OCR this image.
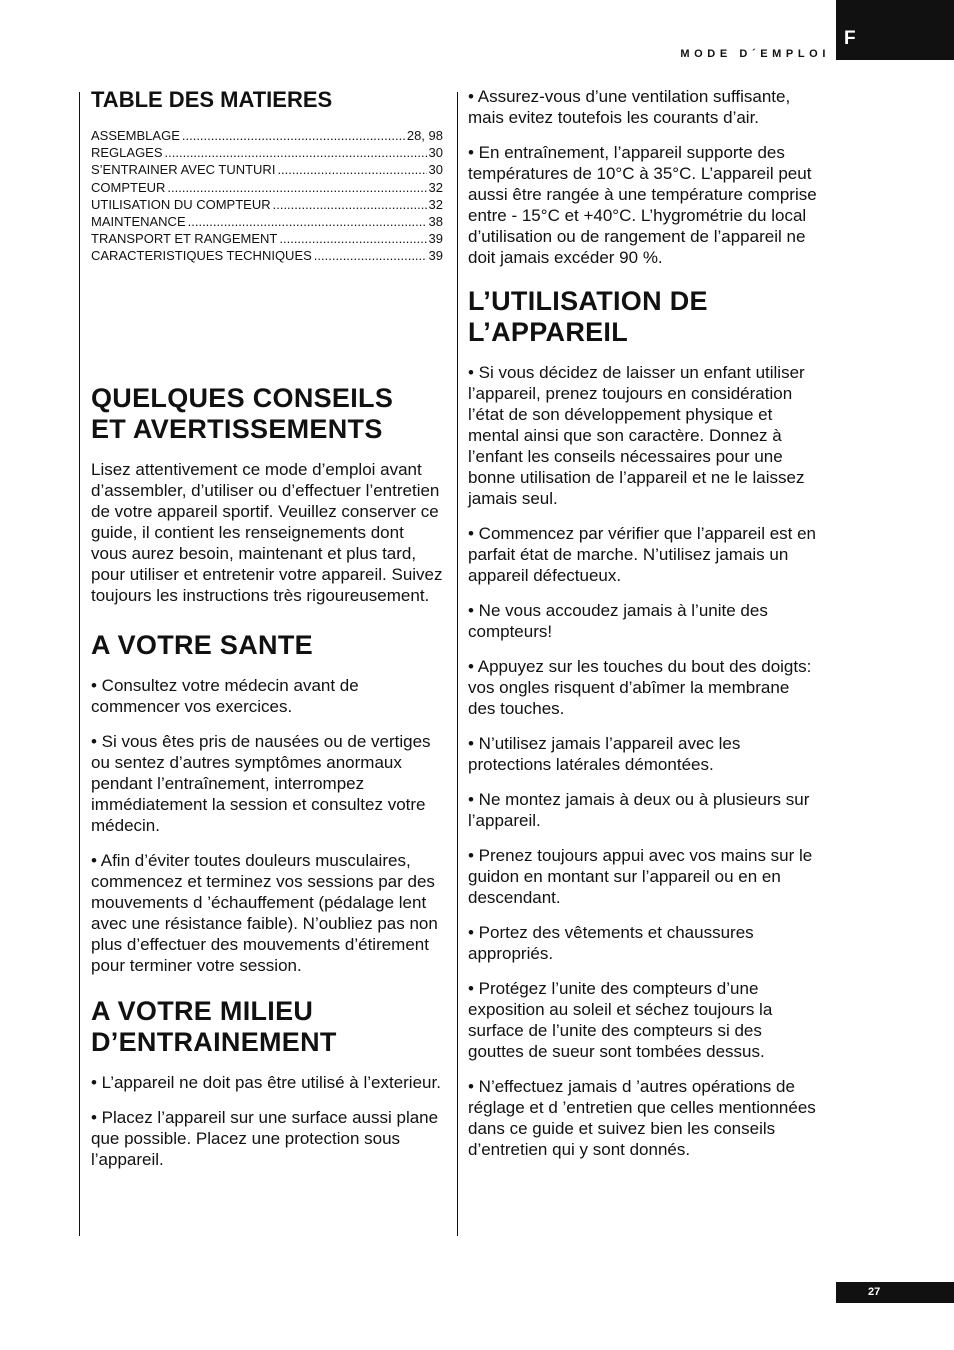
MODE D´EMPLOI
F
TABLE DES MATIERES
ASSEMBLAGE .....	28, 98
REGLAGES .....	30
S’ENTRAINER AVEC TUNTURI .....	30
COMPTEUR .....	32
UTILISATION DU COMPTEUR .....	32
MAINTENANCE .....	38
TRANSPORT ET RANGEMENT .....	39
CARACTERISTIQUES TECHNIQUES .....	39
QUELQUES CONSEILS
ET AVERTISSEMENTS

Lisez attentivement ce mode d’emploi avant d’assembler, d’utiliser ou d’effectuer l’entretien de votre appareil sportif. Veuillez conserver ce guide, il contient les renseignements dont vous aurez besoin, maintenant et plus tard, pour utiliser et entretenir votre appareil. Suivez toujours les instructions très rigoureusement.

A VOTRE SANTE

• Consultez votre médecin avant de commencer vos exercices.

• Si vous êtes pris de nausées ou de vertiges ou sentez d’autres symptômes anormaux pendant l’entraînement, interrompez immédiatement la session et consultez votre médecin.

• Afin d’éviter toutes douleurs musculaires, commencez et terminez vos sessions par des mouvements d ’échauffement (pédalage lent avec une résistance faible). N’oubliez pas non plus d’effectuer des mouvements d’étirement pour terminer votre session.

A VOTRE MILIEU
D’ENTRAINEMENT

• L’appareil ne doit pas être utilisé à l’exterieur.

• Placez l’appareil sur une surface aussi plane que possible. Placez une protection sous l’appareil.

• Assurez-vous d’une ventilation suffisante, mais evitez toutefois les courants d’air.

• En entraînement, l’appareil supporte des températures de 10°C à 35°C. L’appareil peut aussi être rangée à une température comprise entre - 15°C et +40°C. L’hygrométrie du local d’utilisation ou de rangement de l’appareil ne doit jamais excéder 90 %.

L’UTILISATION DE
L’APPAREIL

• Si vous décidez de laisser un enfant utiliser l’appareil, prenez toujours en considération l’état de son développement physique et mental ainsi que son caractère. Donnez à l’enfant les conseils nécessaires pour une bonne utilisation de l’appareil et ne le laissez jamais seul.

• Commencez par vérifier que l’appareil est en parfait état de marche. N’utilisez jamais un appareil défectueux.

• Ne vous accoudez jamais à l’unite des compteurs!

• Appuyez sur les touches du bout des doigts: vos ongles risquent d’abîmer la membrane des touches.

• N’utilisez jamais l’appareil avec les protections latérales démontées.

• Ne montez jamais à deux ou à plusieurs sur l’appareil.

• Prenez toujours appui avec vos mains sur le guidon en montant sur l’appareil ou en en descendant.

• Portez des vêtements et chaussures appropriés.

• Protégez l’unite des compteurs d’une exposition au soleil et séchez toujours la surface de l’unite des compteurs si des gouttes de sueur sont tombées dessus.

• N’effectuez jamais d ’autres opérations de réglage et d ’entretien que celles mentionnées dans ce guide et suivez bien les conseils d’entretien qui y sont donnés.

27
